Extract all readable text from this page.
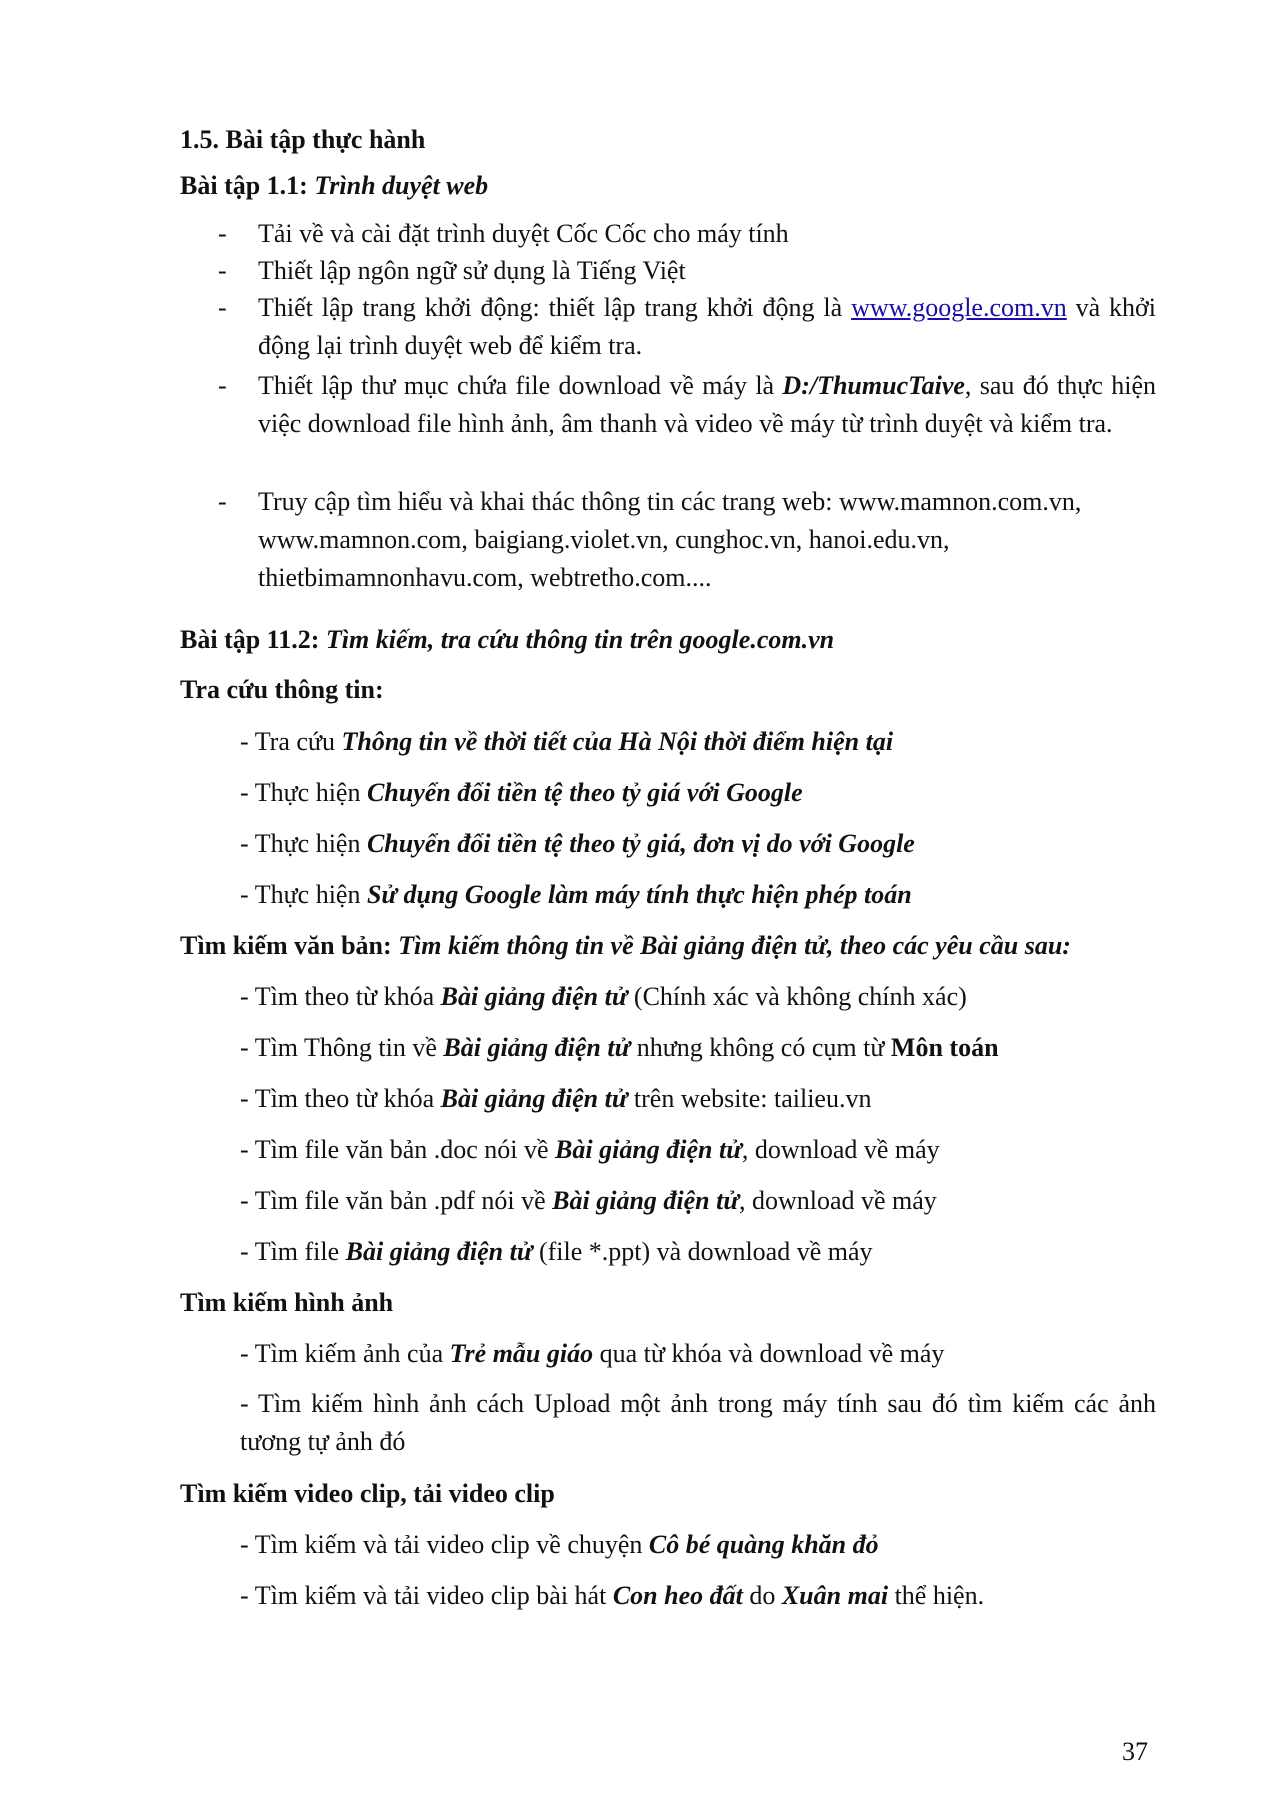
1.5. Bài tập thực hành
Bài tập 1.1: Trình duyệt web
- Tải về và cài đặt trình duyệt Cốc Cốc cho máy tính
- Thiết lập ngôn ngữ sử dụng là Tiếng Việt
- Thiết lập trang khởi động: thiết lập trang khởi động là www.google.com.vn và khởi động lại trình duyệt web để kiểm tra.
- Thiết lập thư mục chứa file download về máy là D:/ThumucTaive, sau đó thực hiện việc download file hình ảnh, âm thanh và video về máy từ trình duyệt và kiểm tra.
- Truy cập tìm hiểu và khai thác thông tin các trang web: www.mamnon.com.vn,
www.mamnon.com, baigiang.violet.vn, cunghoc.vn, hanoi.edu.vn,
thietbimamnonhavu.com, webtretho.com....
Bài tập 11.2: Tìm kiếm, tra cứu thông tin trên google.com.vn
Tra cứu thông tin:
- Tra cứu Thông tin về thời tiết của Hà Nội thời điểm hiện tại
- Thực hiện Chuyển đổi tiền tệ theo tỷ giá với Google
- Thực hiện Chuyển đổi tiền tệ theo tỷ giá, đơn vị do với Google
- Thực hiện Sử dụng Google làm máy tính thực hiện phép toán
Tìm kiếm văn bản: Tìm kiếm thông tin về Bài giảng điện tử, theo các yêu cầu sau:
- Tìm theo từ khóa Bài giảng điện tử (Chính xác và không chính xác)
- Tìm Thông tin về Bài giảng điện tử nhưng không có cụm từ Môn toán
- Tìm theo từ khóa Bài giảng điện tử trên website: tailieu.vn
- Tìm file văn bản .doc nói về Bài giảng điện tử, download về máy
- Tìm file văn bản .pdf nói về Bài giảng điện tử, download về máy
- Tìm file Bài giảng điện tử (file *.ppt) và download về máy
Tìm kiếm hình ảnh
- Tìm kiếm ảnh của Trẻ mẫu giáo qua từ khóa và download về máy
- Tìm kiếm hình ảnh cách Upload một ảnh trong máy tính sau đó tìm kiếm các ảnh tương tự ảnh đó
Tìm kiếm video clip, tải video clip
- Tìm kiếm và tải video clip về chuyện Cô bé quàng khăn đỏ
- Tìm kiếm và tải video clip bài hát Con heo đất do Xuân mai thể hiện.
37
